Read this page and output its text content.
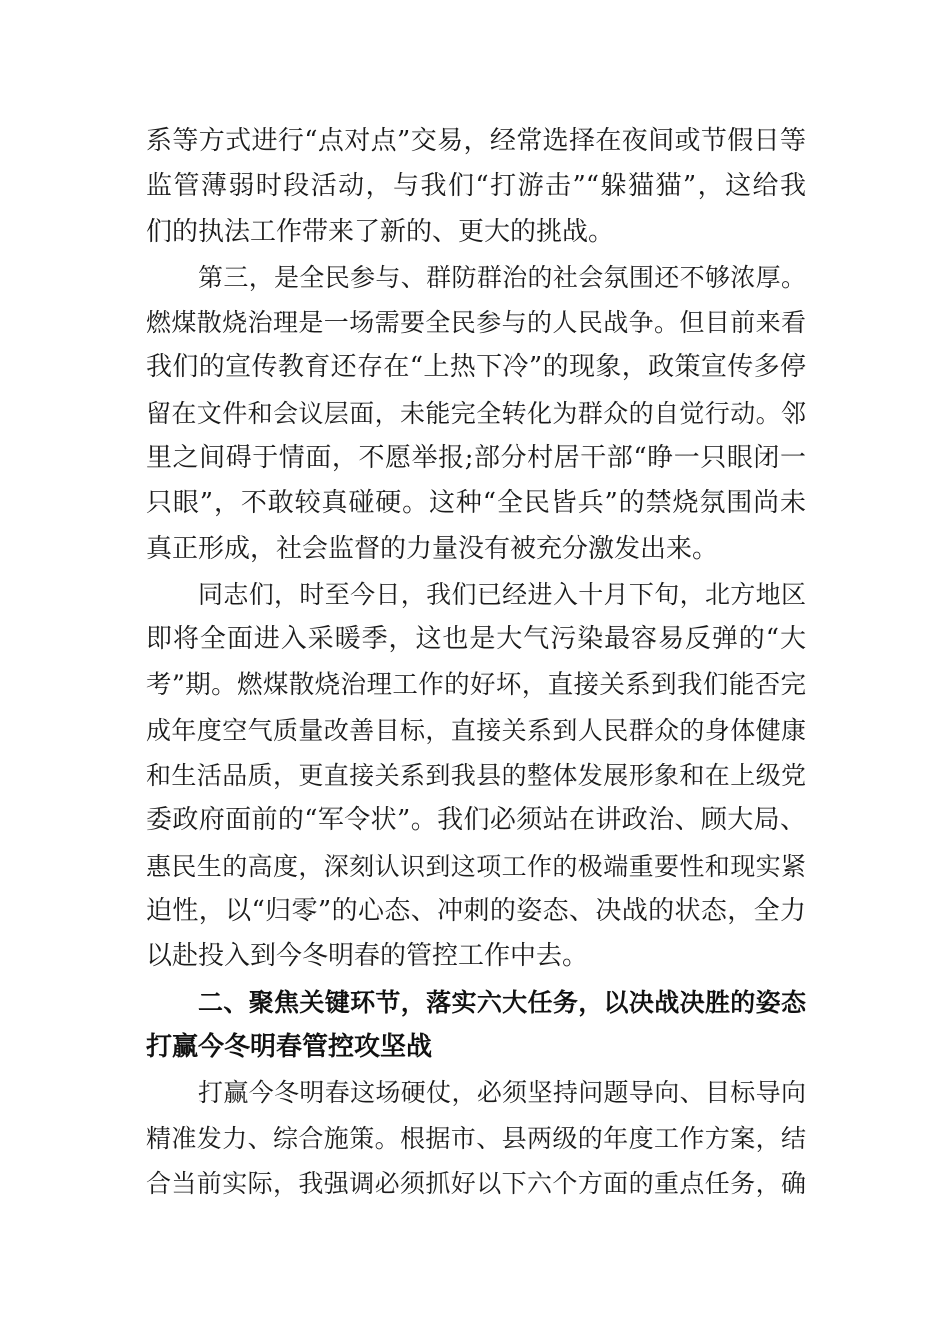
系等方式进行“点对点”交易，经常选择在夜间或节假日等
监管薄弱时段活动，与我们“打游击”“躲猫猫”，这给我
们的执法工作带来了新的、更大的挑战。
第三，是全民参与、群防群治的社会氛围还不够浓厚。
燃煤散烧治理是一场需要全民参与的人民战争。但目前来看
我们的宣传教育还存在“上热下冷”的现象，政策宣传多停
留在文件和会议层面，未能完全转化为群众的自觉行动。邻
里之间碍于情面，不愿举报;部分村居干部“睁一只眼闭一
只眼”，不敢较真碰硬。这种“全民皆兵”的禁烧氛围尚未
真正形成，社会监督的力量没有被充分激发出来。
同志们，时至今日，我们已经进入十月下旬，北方地区
即将全面进入采暖季，这也是大气污染最容易反弹的“大
考”期。燃煤散烧治理工作的好坏，直接关系到我们能否完
成年度空气质量改善目标，直接关系到人民群众的身体健康
和生活品质，更直接关系到我县的整体发展形象和在上级党
委政府面前的“军令状”。我们必须站在讲政治、顾大局、
惠民生的高度，深刻认识到这项工作的极端重要性和现实紧
迫性，以“归零”的心态、冲刺的姿态、决战的状态，全力
以赴投入到今冬明春的管控工作中去。
二、聚焦关键环节，落实六大任务，以决战决胜的姿态
打赢今冬明春管控攻坚战
打赢今冬明春这场硬仗，必须坚持问题导向、目标导向
精准发力、综合施策。根据市、县两级的年度工作方案，结
合当前实际，我强调必须抓好以下六个方面的重点任务，确
